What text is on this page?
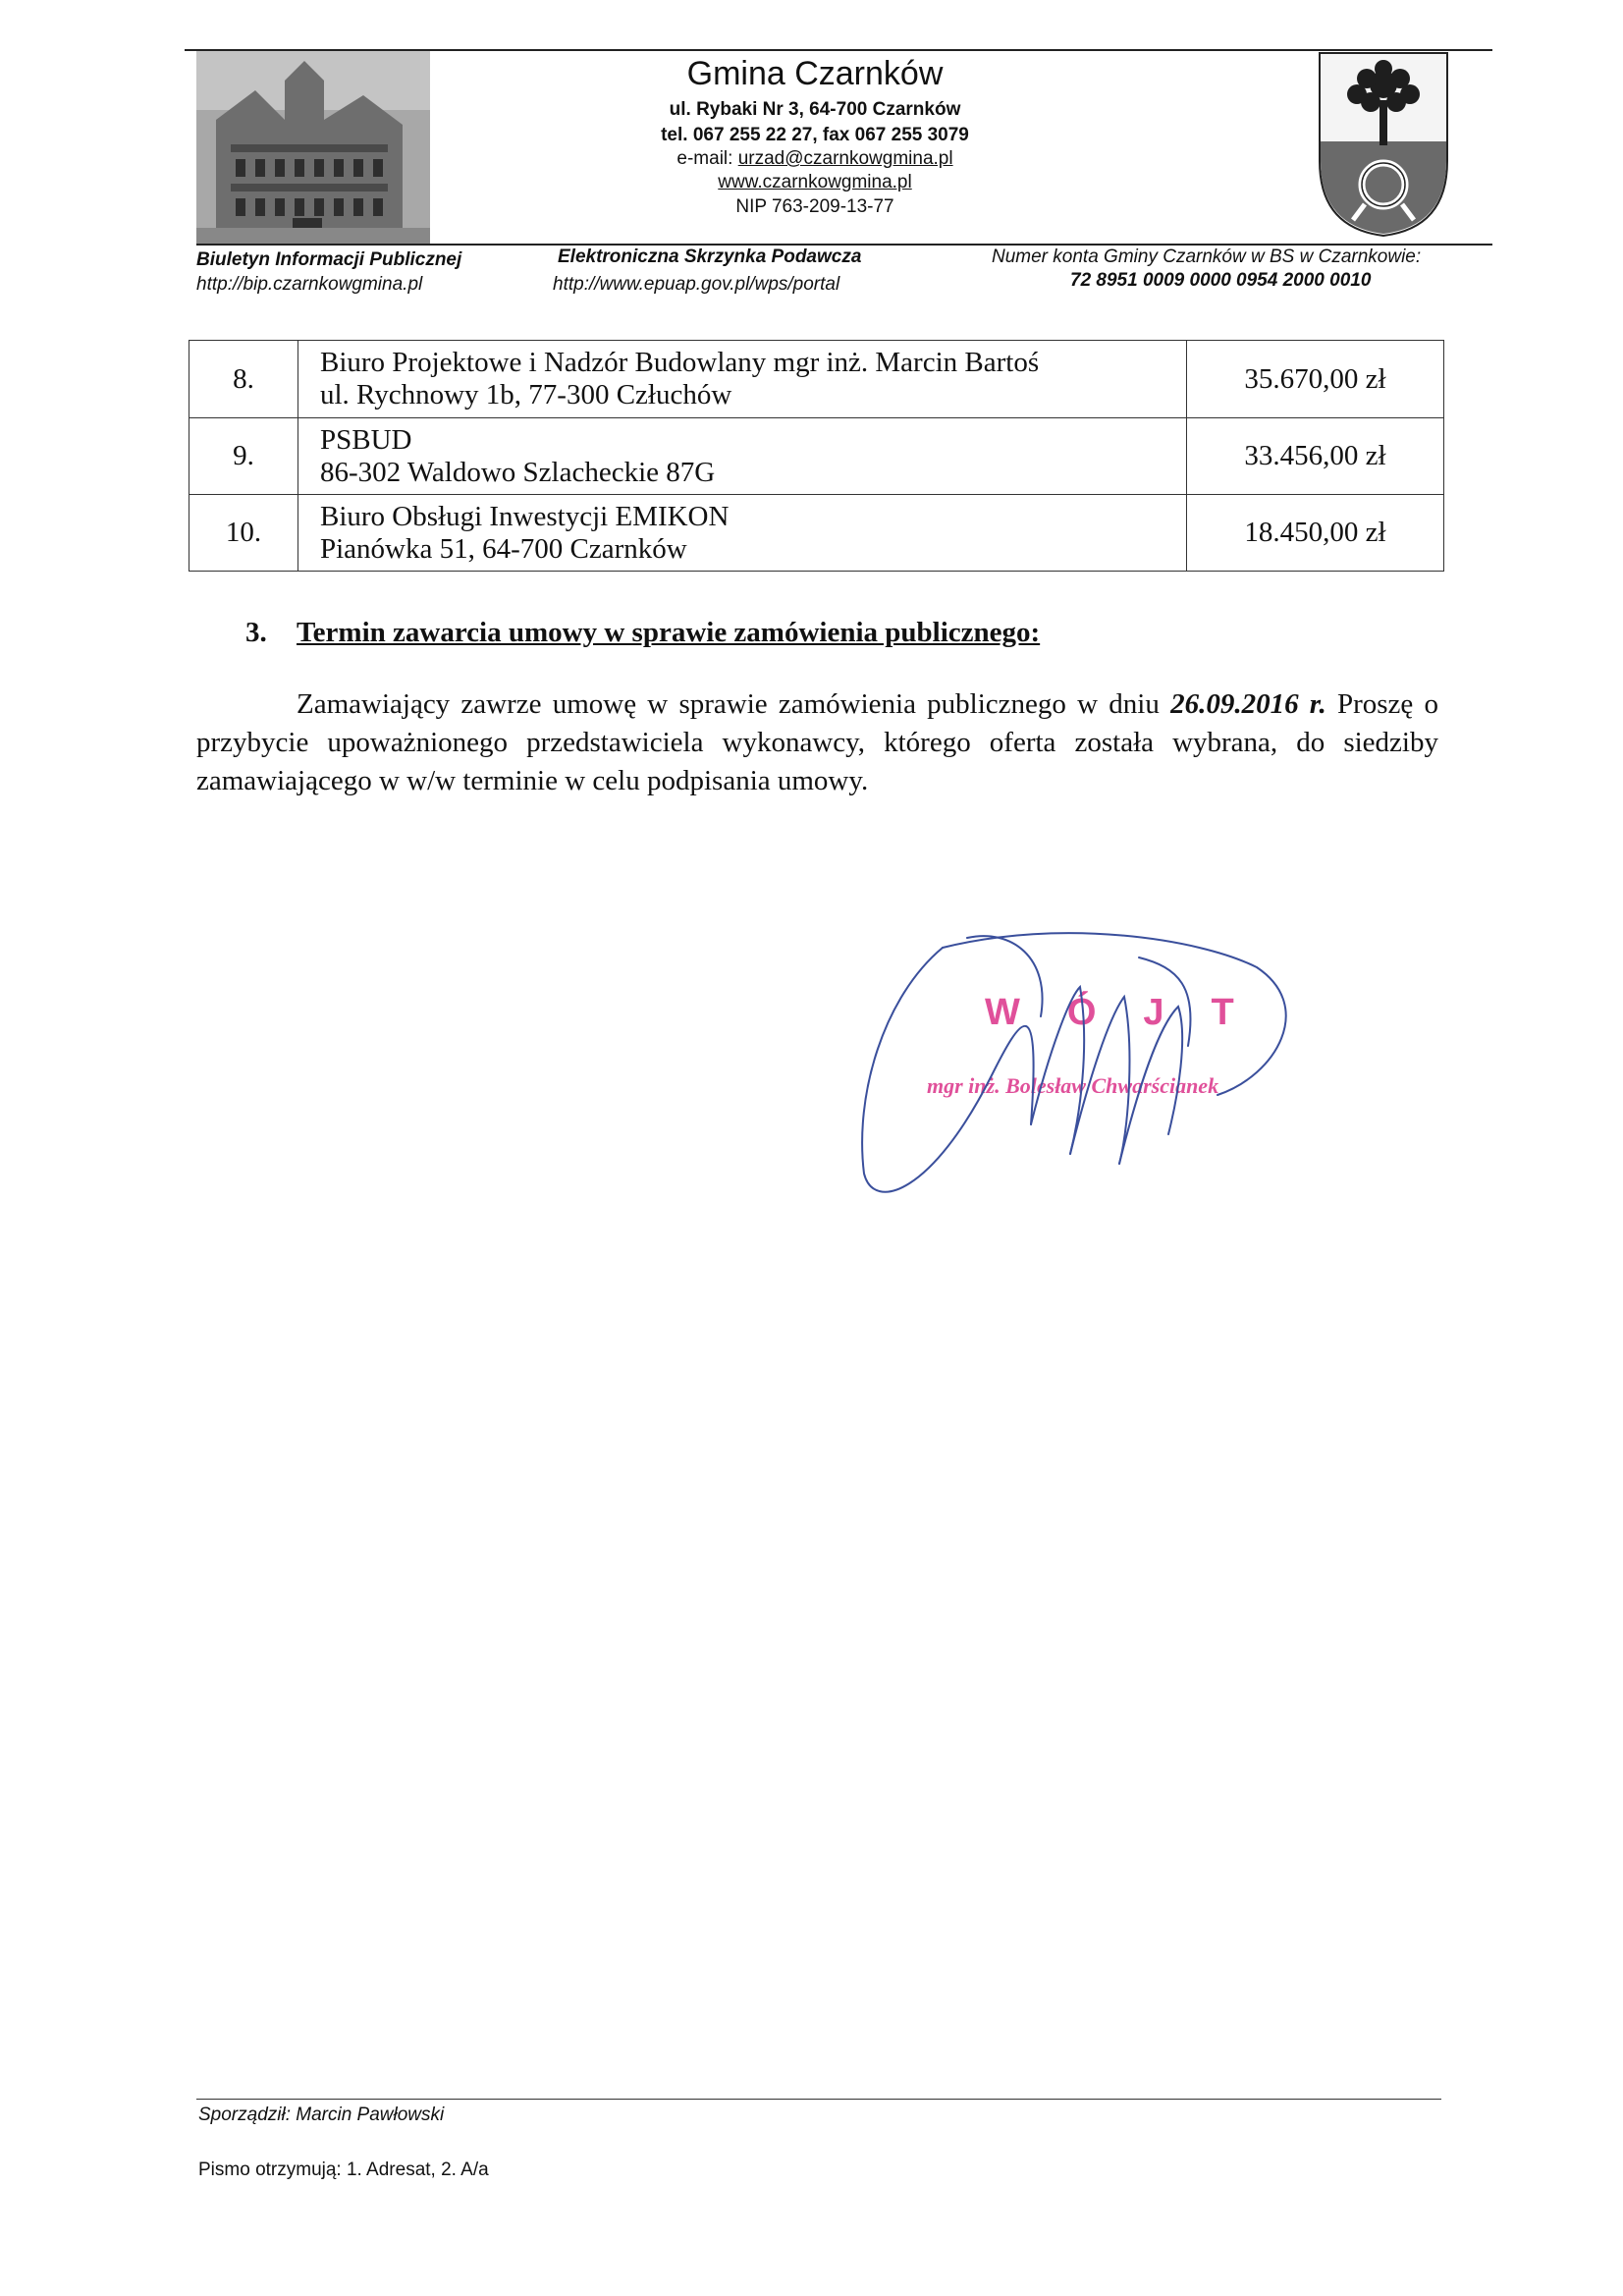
Gmina Czarnków
ul. Rybaki Nr 3, 64-700 Czarnków
tel. 067 255 22 27, fax 067 255 3079
e-mail: urzad@czarnkowgmina.pl
www.czarnkowgmina.pl
NIP 763-209-13-77
Biuletyn Informacji Publicznej
http://bip.czarnkowgmina.pl
Elektroniczna Skrzynka Podawcza
http://www.epuap.gov.pl/wps/portal
Numer konta Gminy Czarnków w BS w Czarnkowie:
72 8951 0009 0000 0954 2000 0010
8.	Biuro Projektowe i Nadzór Budowlany mgr inż. Marcin Bartoś
ul. Rychnowy 1b, 77-300 Człuchów	35.670,00 zł
9.	PSBUD
86-302 Waldowo Szlacheckie 87G	33.456,00 zł
10.	Biuro Obsługi Inwestycji EMIKON
Pianówka 51, 64-700 Czarnków	18.450,00 zł
3. Termin zawarcia umowy w sprawie zamówienia publicznego:
Zamawiający zawrze umowę w sprawie zamówienia publicznego w dniu 26.09.2016 r. Proszę o przybycie upoważnionego przedstawiciela wykonawcy, którego oferta została wybrana, do siedziby zamawiającego w w/w terminie w celu podpisania umowy.
WÓJT
mgr inż. Bolesław Chwarścianek
Sporządził: Marcin Pawłowski
Pismo otrzymują: 1. Adresat, 2. A/a
